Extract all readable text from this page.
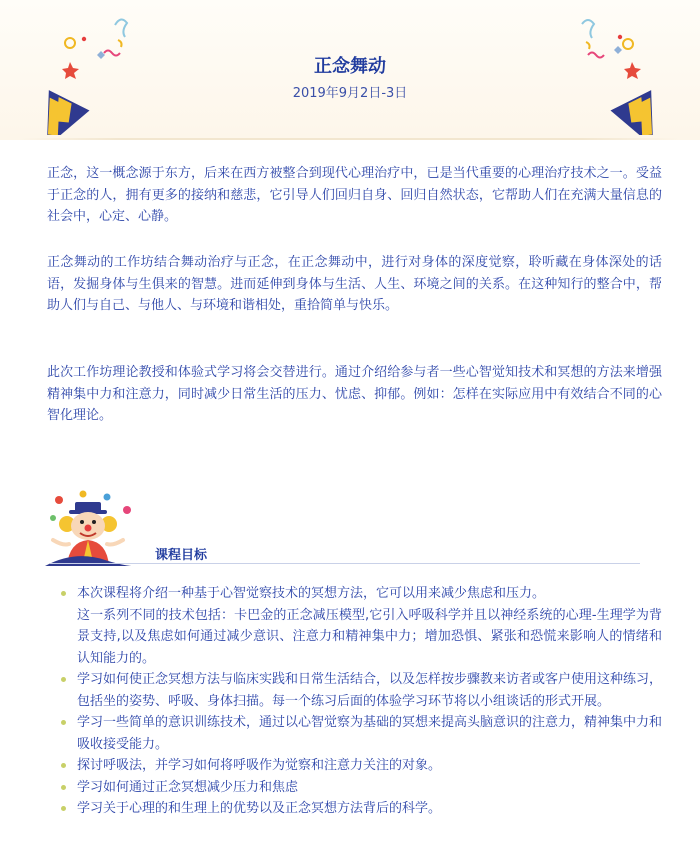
正念舞动
2019年9月2日-3日

正念，这一概念源于东方，后来在西方被整合到现代心理治疗中，已是当代重要的心理治疗技术之一。受益于正念的人，拥有更多的接纳和慈悲，它引导人们回归自身、回归自然状态，它帮助人们在充满大量信息的社会中，心定、心静。

正念舞动的工作坊结合舞动治疗与正念，在正念舞动中，进行对身体的深度觉察，聆听藏在身体深处的话语，发掘身体与生俱来的智慧。进而延伸到身体与生活、人生、环境之间的关系。在这种知行的整合中，帮助人们与自己、与他人、与环境和谐相处，重拾简单与快乐。

此次工作坊理论教授和体验式学习将会交替进行。通过介绍给参与者一些心智觉知技术和冥想的方法来增强精神集中力和注意力，同时减少日常生活的压力、忧虑、抑郁。例如：怎样在实际应用中有效结合不同的心智化理论。

课程目标
本次课程将介绍一种基于心智觉察技术的冥想方法，它可以用来减少焦虑和压力。
这一系列不同的技术包括：卡巴金的正念减压模型,它引入呼吸科学并且以神经系统的心理-生理学为背景支持,以及焦虑如何通过减少意识、注意力和精神集中力；增加恐惧、紧张和恐慌来影响人的情绪和认知能力的。
学习如何使正念冥想方法与临床实践和日常生活结合，以及怎样按步骤教来访者或客户使用这种练习，包括坐的姿势、呼吸、身体扫描。每一个练习后面的体验学习环节将以小组谈话的形式开展。
学习一些简单的意识训练技术，通过以心智觉察为基础的冥想来提高头脑意识的注意力，精神集中力和吸收接受能力。
探讨呼吸法，并学习如何将呼吸作为觉察和注意力关注的对象。
学习如何通过正念冥想减少压力和焦虑
学习关于心理的和生理上的优势以及正念冥想方法背后的科学。
